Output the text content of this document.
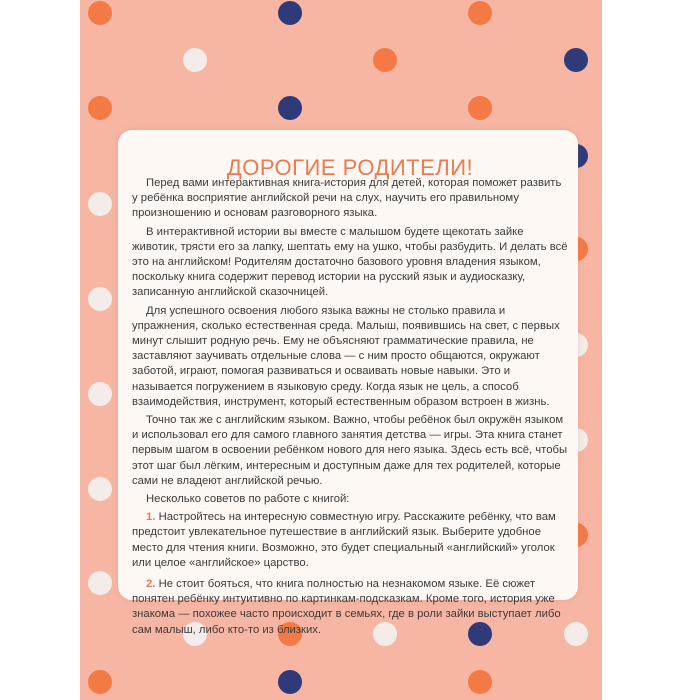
ДОРОГИЕ РОДИТЕЛИ!

Перед вами интерактивная книга-история для детей, которая поможет развить у ребёнка восприятие английской речи на слух, научить его правильному произношению и основам разговорного языка.

В интерактивной истории вы вместе с малышом будете щекотать зайке животик, трясти его за лапку, шептать ему на ушко, чтобы разбудить. И делать всё это на английском! Родителям достаточно базового уровня владения языком, поскольку книга содержит перевод истории на русский язык и аудиосказку, записанную английской сказочницей.

Для успешного освоения любого языка важны не столько правила и упражнения, сколько естественная среда. Малыш, появившись на свет, с первых минут слышит родную речь. Ему не объясняют грамматические правила, не заставляют заучивать отдельные слова — с ним просто общаются, окружают заботой, играют, помогая развиваться и осваивать новые навыки. Это и называется погружением в языковую среду. Когда язык не цель, а способ взаимодействия, инструмент, который естественным образом встроен в жизнь.

Точно так же с английским языком. Важно, чтобы ребёнок был окружён языком и использовал его для самого главного занятия детства — игры. Эта книга станет первым шагом в освоении ребёнком нового для него языка. Здесь есть всё, чтобы этот шаг был лёгким, интересным и доступным даже для тех родителей, которые сами не владеют английской речью.

Несколько советов по работе с книгой:

1. Настройтесь на интересную совместную игру. Расскажите ребёнку, что вам предстоит увлекательное путешествие в английский язык. Выберите удобное место для чтения книги. Возможно, это будет специальный «английский» уголок или целое «английское» царство.

2. Не стоит бояться, что книга полностью на незнакомом языке. Её сюжет понятен ребёнку интуитивно по картинкам-подсказкам. Кроме того, история уже знакома — похожее часто происходит в семьях, где в роли зайки выступает либо сам малыш, либо кто-то из близких.
